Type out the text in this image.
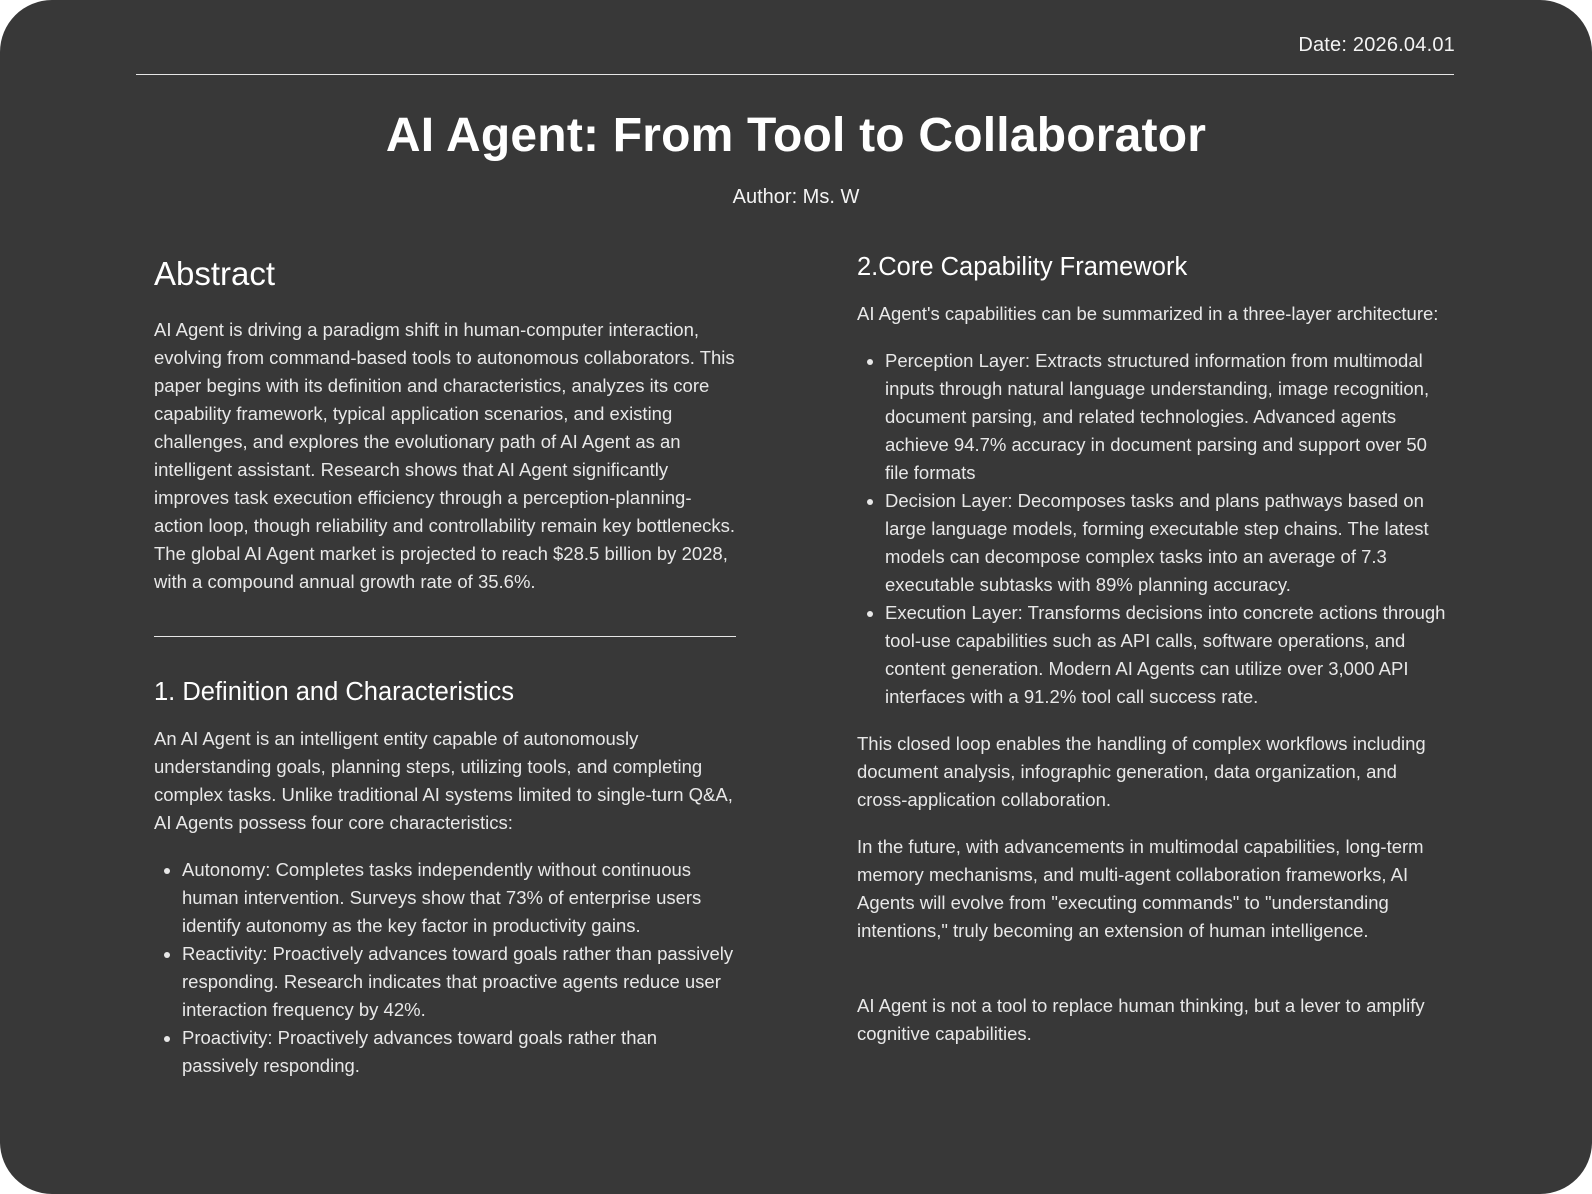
Date: 2026.04.01
AI Agent: From Tool to Collaborator
Author: Ms. W
Abstract

AI Agent is driving a paradigm shift in human-computer interaction, evolving from command-based tools to autonomous collaborators. This paper begins with its definition and characteristics, analyzes its core capability framework, typical application scenarios, and existing challenges, and explores the evolutionary path of AI Agent as an intelligent assistant. Research shows that AI Agent significantly improves task execution efficiency through a perception-planning-action loop, though reliability and controllability remain key bottlenecks. The global AI Agent market is projected to reach $28.5 billion by 2028, with a compound annual growth rate of 35.6%.

1. Definition and Characteristics

An AI Agent is an intelligent entity capable of autonomously understanding goals, planning steps, utilizing tools, and completing complex tasks. Unlike traditional AI systems limited to single-turn Q&A, AI Agents possess four core characteristics:

• Autonomy: Completes tasks independently without continuous human intervention. Surveys show that 73% of enterprise users identify autonomy as the key factor in productivity gains.
• Reactivity: Proactively advances toward goals rather than passively responding. Research indicates that proactive agents reduce user interaction frequency by 42%.
• Proactivity: Proactively advances toward goals rather than passively responding.
2.Core Capability Framework

AI Agent's capabilities can be summarized in a three-layer architecture:

• Perception Layer: Extracts structured information from multimodal inputs through natural language understanding, image recognition, document parsing, and related technologies. Advanced agents achieve 94.7% accuracy in document parsing and support over 50 file formats
• Decision Layer: Decomposes tasks and plans pathways based on large language models, forming executable step chains. The latest models can decompose complex tasks into an average of 7.3 executable subtasks with 89% planning accuracy.
• Execution Layer: Transforms decisions into concrete actions through tool-use capabilities such as API calls, software operations, and content generation. Modern AI Agents can utilize over 3,000 API interfaces with a 91.2% tool call success rate.

This closed loop enables the handling of complex workflows including document analysis, infographic generation, data organization, and cross-application collaboration.

In the future, with advancements in multimodal capabilities, long-term memory mechanisms, and multi-agent collaboration frameworks, AI Agents will evolve from "executing commands" to "understanding intentions," truly becoming an extension of human intelligence.

AI Agent is not a tool to replace human thinking, but a lever to amplify cognitive capabilities.
